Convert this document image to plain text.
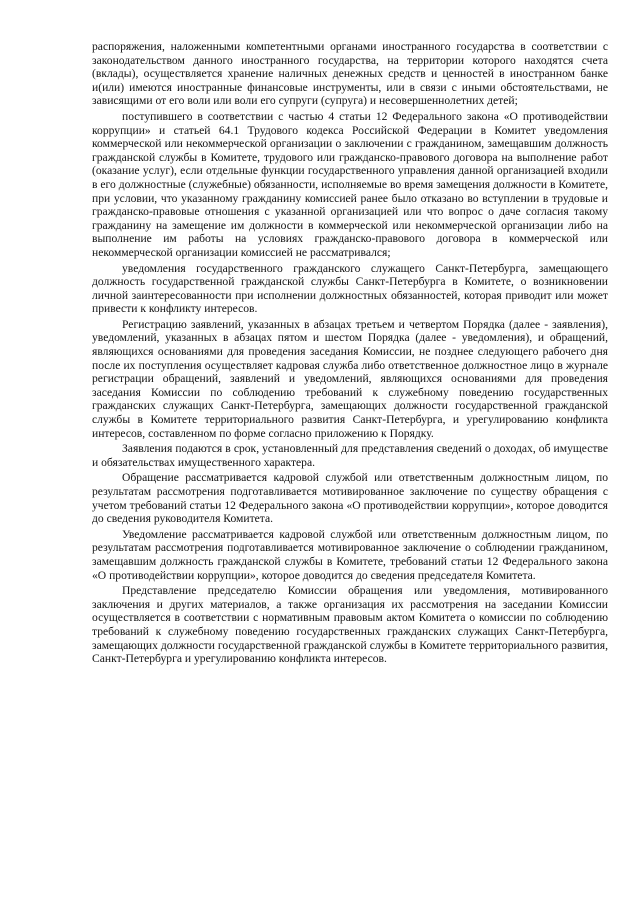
распоряжения, наложенными компетентными органами иностранного государства в соответствии с законодательством данного иностранного государства, на территории которого находятся счета (вклады), осуществляется хранение наличных денежных средств и ценностей в иностранном банке и(или) имеются иностранные финансовые инструменты, или в связи с иными обстоятельствами, не зависящими от его воли или воли его супруги (супруга) и несовершеннолетних детей;

поступившего в соответствии с частью 4 статьи 12 Федерального закона «О противодействии коррупции» и статьей 64.1 Трудового кодекса Российской Федерации в Комитет уведомления коммерческой или некоммерческой организации о заключении с гражданином, замещавшим должность гражданской службы в Комитете, трудового или гражданско-правового договора на выполнение работ (оказание услуг), если отдельные функции государственного управления данной организацией входили в его должностные (служебные) обязанности, исполняемые во время замещения должности в Комитете, при условии, что указанному гражданину комиссией ранее было отказано во вступлении в трудовые и гражданско-правовые отношения с указанной организацией или что вопрос о даче согласия такому гражданину на замещение им должности в коммерческой или некоммерческой организации либо на выполнение им работы на условиях гражданско-правового договора в коммерческой или некоммерческой организации комиссией не рассматривался;

уведомления государственного гражданского служащего Санкт-Петербурга, замещающего должность государственной гражданской службы Санкт-Петербурга в Комитете, о возникновении личной заинтересованности при исполнении должностных обязанностей, которая приводит или может привести к конфликту интересов.

Регистрацию заявлений, указанных в абзацах третьем и четвертом Порядка (далее - заявления), уведомлений, указанных в абзацах пятом и шестом Порядка (далее - уведомления), и обращений, являющихся основаниями для проведения заседания Комиссии, не позднее следующего рабочего дня после их поступления осуществляет кадровая служба либо ответственное должностное лицо в журнале регистрации обращений, заявлений и уведомлений, являющихся основаниями для проведения заседания Комиссии по соблюдению требований к служебному поведению государственных гражданских служащих Санкт-Петербурга, замещающих должности государственной гражданской службы в Комитете территориального развития Санкт-Петербурга, и урегулированию конфликта интересов, составленном по форме согласно приложению к Порядку.

Заявления подаются в срок, установленный для представления сведений о доходах, об имуществе и обязательствах имущественного характера.

Обращение рассматривается кадровой службой или ответственным должностным лицом, по результатам рассмотрения подготавливается мотивированное заключение по существу обращения с учетом требований статьи 12 Федерального закона «О противодействии коррупции», которое доводится до сведения руководителя Комитета.

Уведомление рассматривается кадровой службой или ответственным должностным лицом, по результатам рассмотрения подготавливается мотивированное заключение о соблюдении гражданином, замещавшим должность гражданской службы в Комитете, требований статьи 12 Федерального закона «О противодействии коррупции», которое доводится до сведения председателя Комитета.

Представление председателю Комиссии обращения или уведомления, мотивированного заключения и других материалов, а также организация их рассмотрения на заседании Комиссии осуществляется в соответствии с нормативным правовым актом Комитета о комиссии по соблюдению требований к служебному поведению государственных гражданских служащих Санкт-Петербурга, замещающих должности государственной гражданской службы в Комитете территориального развития, Санкт-Петербурга и урегулированию конфликта интересов.
